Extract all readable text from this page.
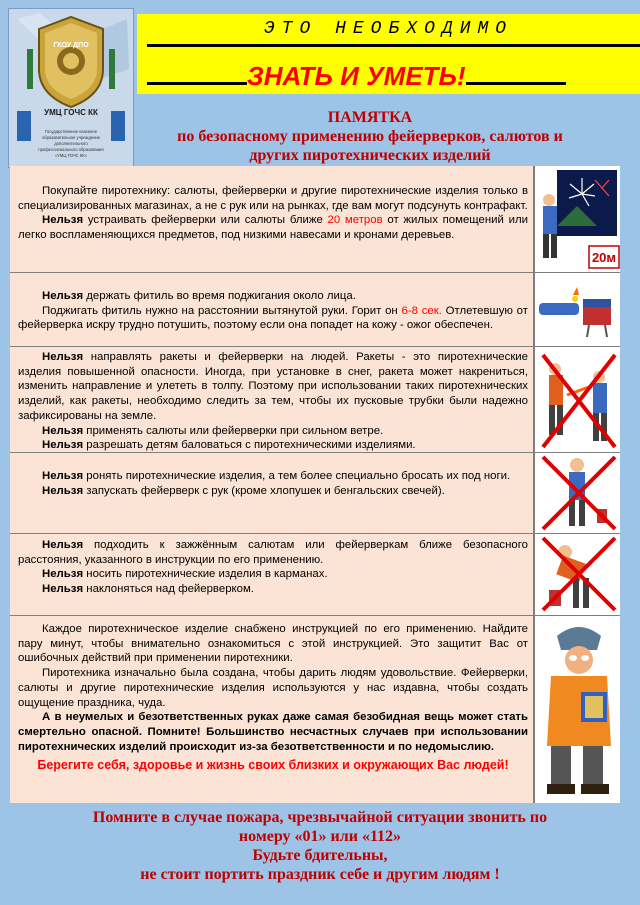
ГКОУ ДПО
УМЦ ГОЧС КК
Государственное казенное
образовательное учреждение
дополнительного
профессионального образования
«УМЦ ГОЧС КК»
ЭТО НЕОБХОДИМО
ЗНАТЬ И УМЕТЬ!
ПАМЯТКА
по безопасному применению фейерверков, салютов и
других пиротехнических изделий

Покупайте пиротехнику: салюты, фейерверки и другие пиротехнические изделия только в специализированных магазинах, а не с рук или на рынках, где вам могут подсунуть контрафакт.

Нельзя устраивать фейерверки или салюты ближе 20 метров от жилых помещений или легко воспламеняющихся предметов, под низкими навесами и кронами деревьев.

20м

Нельзя держать фитиль во время поджигания около лица.

Поджигать фитиль нужно на расстоянии вытянутой руки. Горит он 6-8 сек. Отлетевшую от фейерверка искру трудно потушить, поэтому если она попадет на кожу - ожог обеспечен.

Нельзя направлять ракеты и фейерверки на людей. Ракеты - это пиротехнические изделия повышенной опасности. Иногда, при установке в снег, ракета может накрениться, изменить направление и улететь в толпу. Поэтому при использовании таких пиротехнических изделий, как ракеты, необходимо следить за тем, чтобы их пусковые трубки были надежно зафиксированы на земле.

Нельзя применять салюты или фейерверки при сильном ветре.

Нельзя разрешать детям баловаться с пиротехническими изделиями.

Нельзя ронять пиротехнические изделия, а тем более специально бросать их под ноги.

Нельзя запускать фейерверк с рук (кроме хлопушек и бенгальских свечей).

Нельзя подходить к зажжённым салютам или фейерверкам ближе безопасного расстояния, указанного в инструкции по его применению.

Нельзя носить пиротехнические изделия в карманах.

Нельзя наклоняться над фейерверком.

Каждое пиротехническое изделие снабжено инструкцией по его применению. Найдите пару минут, чтобы внимательно ознакомиться с этой инструкцией. Это защитит Вас от ошибочных действий при применении пиротехники.

Пиротехника изначально была создана, чтобы дарить людям удовольствие. Фейерверки, салюты и другие пиротехнические изделия используются у нас издавна, чтобы создать ощущение праздника, чуда.

А в неумелых и безответственных руках даже самая безобидная вещь может стать смертельно опасной. Помните! Большинство несчастных случаев при использовании пиротехнических изделий происходит из-за безответственности и по недомыслию.

Берегите себя, здоровье и жизнь своих близких и окружающих Вас людей!

Помните в случае пожара, чрезвычайной ситуации звонить по
номеру «01» или «112»
Будьте бдительны,
не стоит портить праздник себе и другим людям !
